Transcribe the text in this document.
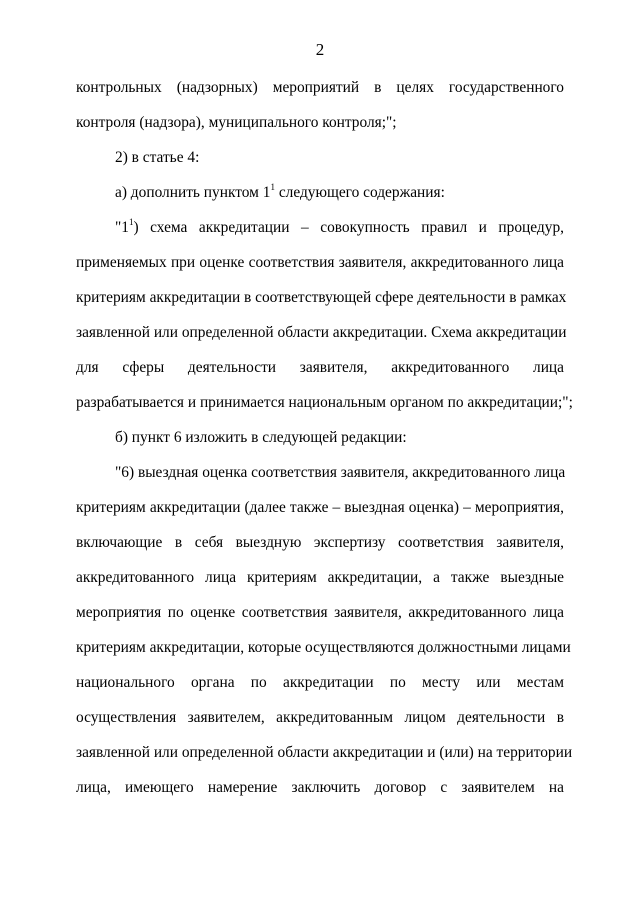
2
контрольных (надзорных) мероприятий в целях государственного
контроля (надзора), муниципального контроля;";
2) в статье 4:
а) дополнить пунктом $1^1$ следующего содержания:
"$1^1$) схема аккредитации – совокупность правил и процедур,
применяемых при оценке соответствия заявителя, аккредитованного лица
критериям аккредитации в соответствующей сфере деятельности в рамках
заявленной или определенной области аккредитации. Схема аккредитации
для сферы деятельности заявителя, аккредитованного лица
разрабатывается и принимается национальным органом по аккредитации;";
б) пункт 6 изложить в следующей редакции:
"6) выездная оценка соответствия заявителя, аккредитованного лица
критериям аккредитации (далее также – выездная оценка) – мероприятия,
включающие в себя выездную экспертизу соответствия заявителя,
аккредитованного лица критериям аккредитации, а также выездные
мероприятия по оценке соответствия заявителя, аккредитованного лица
критериям аккредитации, которые осуществляются должностными лицами
национального органа по аккредитации по месту или местам
осуществления заявителем, аккредитованным лицом деятельности в
заявленной или определенной области аккредитации и (или) на территории
лица, имеющего намерение заключить договор с заявителем на
